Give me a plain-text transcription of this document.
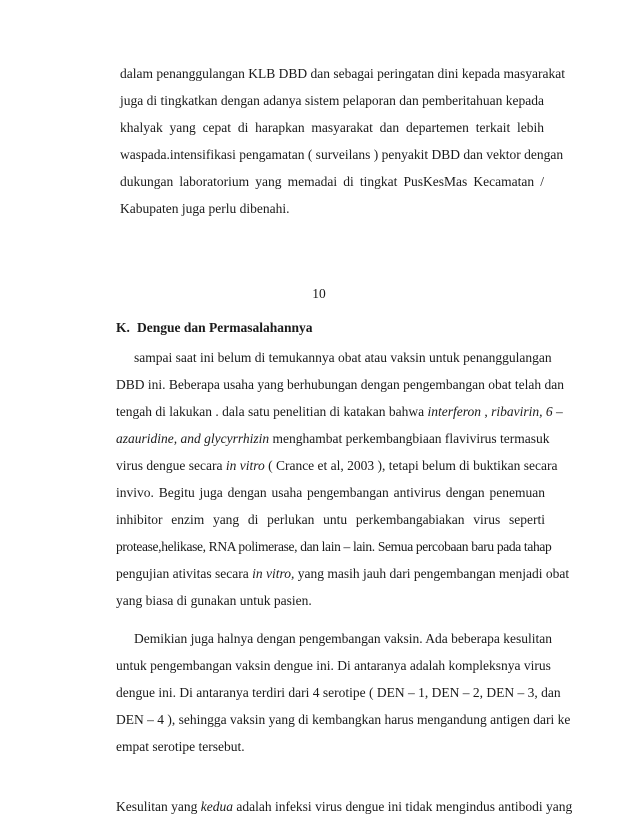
dalam penanggulangan KLB DBD dan sebagai peringatan dini kepada masyarakat
juga di tingkatkan dengan adanya sistem pelaporan dan pemberitahuan kepada
khalyak yang cepat di harapkan masyarakat dan departemen terkait lebih
waspada.intensifikasi pengamatan ( surveilans ) penyakit DBD dan vektor dengan
dukungan laboratorium yang memadai di tingkat PusKesMas Kecamatan /
Kabupaten juga perlu dibenahi.
10
K. Dengue dan Permasalahannya
sampai saat ini belum di temukannya obat atau vaksin untuk penanggulangan
DBD ini. Beberapa usaha yang berhubungan dengan pengembangan obat telah dan
tengah di lakukan . dala satu penelitian di katakan bahwa interferon , ribavirin, 6 –
azauridine, and glycyrrhizin menghambat perkembangbiaan flavivirus termasuk
virus dengue secara in vitro ( Crance et al, 2003 ), tetapi belum di buktikan secara
invivo. Begitu juga dengan usaha pengembangan antivirus dengan penemuan
inhibitor enzim yang di perlukan untu perkembangabiakan virus seperti
protease,helikase, RNA polimerase, dan lain – lain. Semua percobaan baru pada tahap
pengujian ativitas secara in vitro, yang masih jauh dari pengembangan menjadi obat
yang biasa di gunakan untuk pasien.
Demikian juga halnya dengan pengembangan vaksin. Ada beberapa kesulitan
untuk pengembangan vaksin dengue ini. Di antaranya adalah kompleksnya virus
dengue ini. Di antaranya terdiri dari 4 serotipe ( DEN – 1, DEN – 2, DEN – 3, dan
DEN – 4 ), sehingga vaksin yang di kembangkan harus mengandung antigen dari ke
empat serotipe tersebut.
Kesulitan yang kedua adalah infeksi virus dengue ini tidak mengindus antibodi yang
